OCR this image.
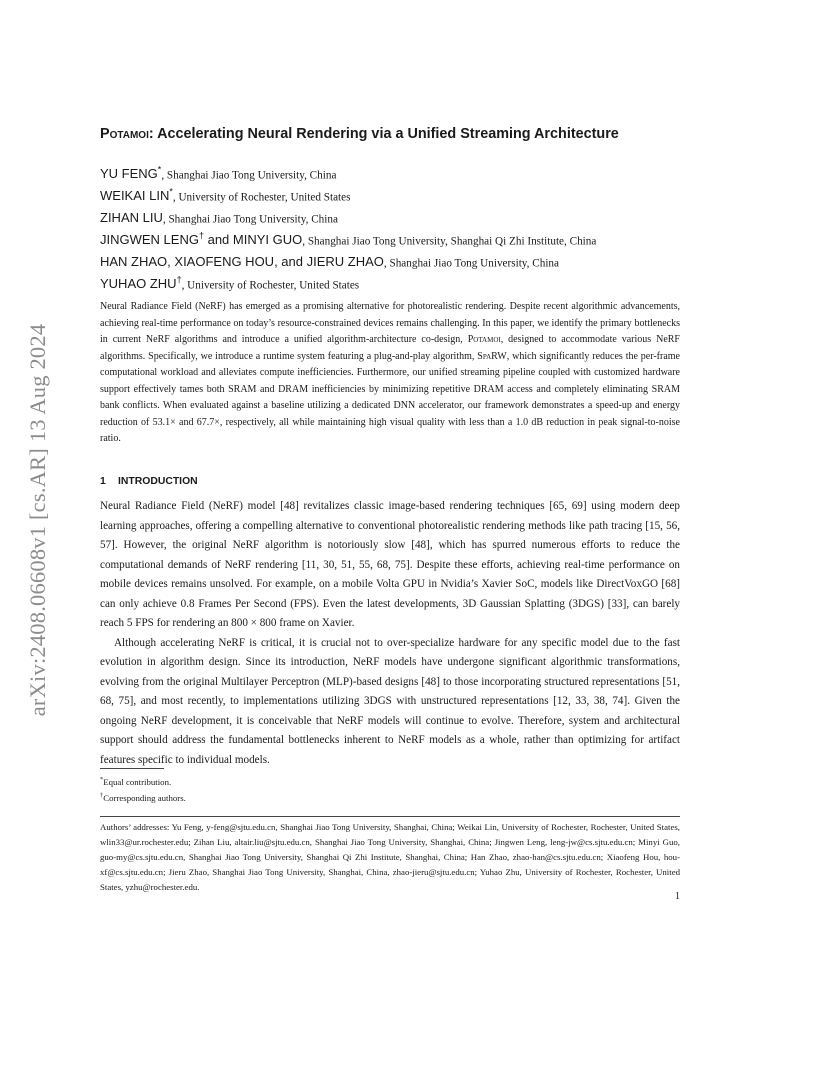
arXiv:2408.06608v1 [cs.AR] 13 Aug 2024
Potamoi: Accelerating Neural Rendering via a Unified Streaming Architecture
YU FENG*, Shanghai Jiao Tong University, China
WEIKAI LIN*, University of Rochester, United States
ZIHAN LIU, Shanghai Jiao Tong University, China
JINGWEN LENG† and MINYI GUO, Shanghai Jiao Tong University, Shanghai Qi Zhi Institute, China
HAN ZHAO, XIAOFENG HOU, and JIERU ZHAO, Shanghai Jiao Tong University, China
YUHAO ZHU†, University of Rochester, United States
Neural Radiance Field (NeRF) has emerged as a promising alternative for photorealistic rendering. Despite recent algorithmic advancements, achieving real-time performance on today’s resource-constrained devices remains challenging. In this paper, we identify the primary bottlenecks in current NeRF algorithms and introduce a unified algorithm-architecture co-design, Potamoi, designed to accommodate various NeRF algorithms. Specifically, we introduce a runtime system featuring a plug-and-play algorithm, SpaRW, which significantly reduces the per-frame computational workload and alleviates compute inefficiencies. Furthermore, our unified streaming pipeline coupled with customized hardware support effectively tames both SRAM and DRAM inefficiencies by minimizing repetitive DRAM access and completely eliminating SRAM bank conflicts. When evaluated against a baseline utilizing a dedicated DNN accelerator, our framework demonstrates a speed-up and energy reduction of 53.1× and 67.7×, respectively, all while maintaining high visual quality with less than a 1.0 dB reduction in peak signal-to-noise ratio.
1 INTRODUCTION

Neural Radiance Field (NeRF) model [48] revitalizes classic image-based rendering techniques [65, 69] using modern deep learning approaches, offering a compelling alternative to conventional photorealistic rendering methods like path tracing [15, 56, 57]. However, the original NeRF algorithm is notoriously slow [48], which has spurred numerous efforts to reduce the computational demands of NeRF rendering [11, 30, 51, 55, 68, 75]. Despite these efforts, achieving real-time performance on mobile devices remains unsolved. For example, on a mobile Volta GPU in Nvidia’s Xavier SoC, models like DirectVoxGO [68] can only achieve 0.8 Frames Per Second (FPS). Even the latest developments, 3D Gaussian Splatting (3DGS) [33], can barely reach 5 FPS for rendering an 800 × 800 frame on Xavier.

Although accelerating NeRF is critical, it is crucial not to over-specialize hardware for any specific model due to the fast evolution in algorithm design. Since its introduction, NeRF models have undergone significant algorithmic transformations, evolving from the original Multilayer Perceptron (MLP)-based designs [48] to those incorporating structured representations [51, 68, 75], and most recently, to implementations utilizing 3DGS with unstructured representations [12, 33, 38, 74]. Given the ongoing NeRF development, it is conceivable that NeRF models will continue to evolve. Therefore, system and architectural support should address the fundamental bottlenecks inherent to NeRF models as a whole, rather than optimizing for artifact features specific to individual models.

*Equal contribution.
†Corresponding authors.
Authors’ addresses: Yu Feng, y-feng@sjtu.edu.cn, Shanghai Jiao Tong University, Shanghai, China; Weikai Lin, University of Rochester, Rochester, United States, wlin33@ur.rochester.edu; Zihan Liu, altair.liu@sjtu.edu.cn, Shanghai Jiao Tong University, Shanghai, China; Jingwen Leng, leng-jw@cs.sjtu.edu.cn; Minyi Guo, guo-my@cs.sjtu.edu.cn, Shanghai Jiao Tong University, Shanghai Qi Zhi Institute, Shanghai, China; Han Zhao, zhao-han@cs.sjtu.edu.cn; Xiaofeng Hou, hou-xf@cs.sjtu.edu.cn; Jieru Zhao, Shanghai Jiao Tong University, Shanghai, China, zhao-jieru@sjtu.edu.cn; Yuhao Zhu, University of Rochester, Rochester, United States, yzhu@rochester.edu.
1
